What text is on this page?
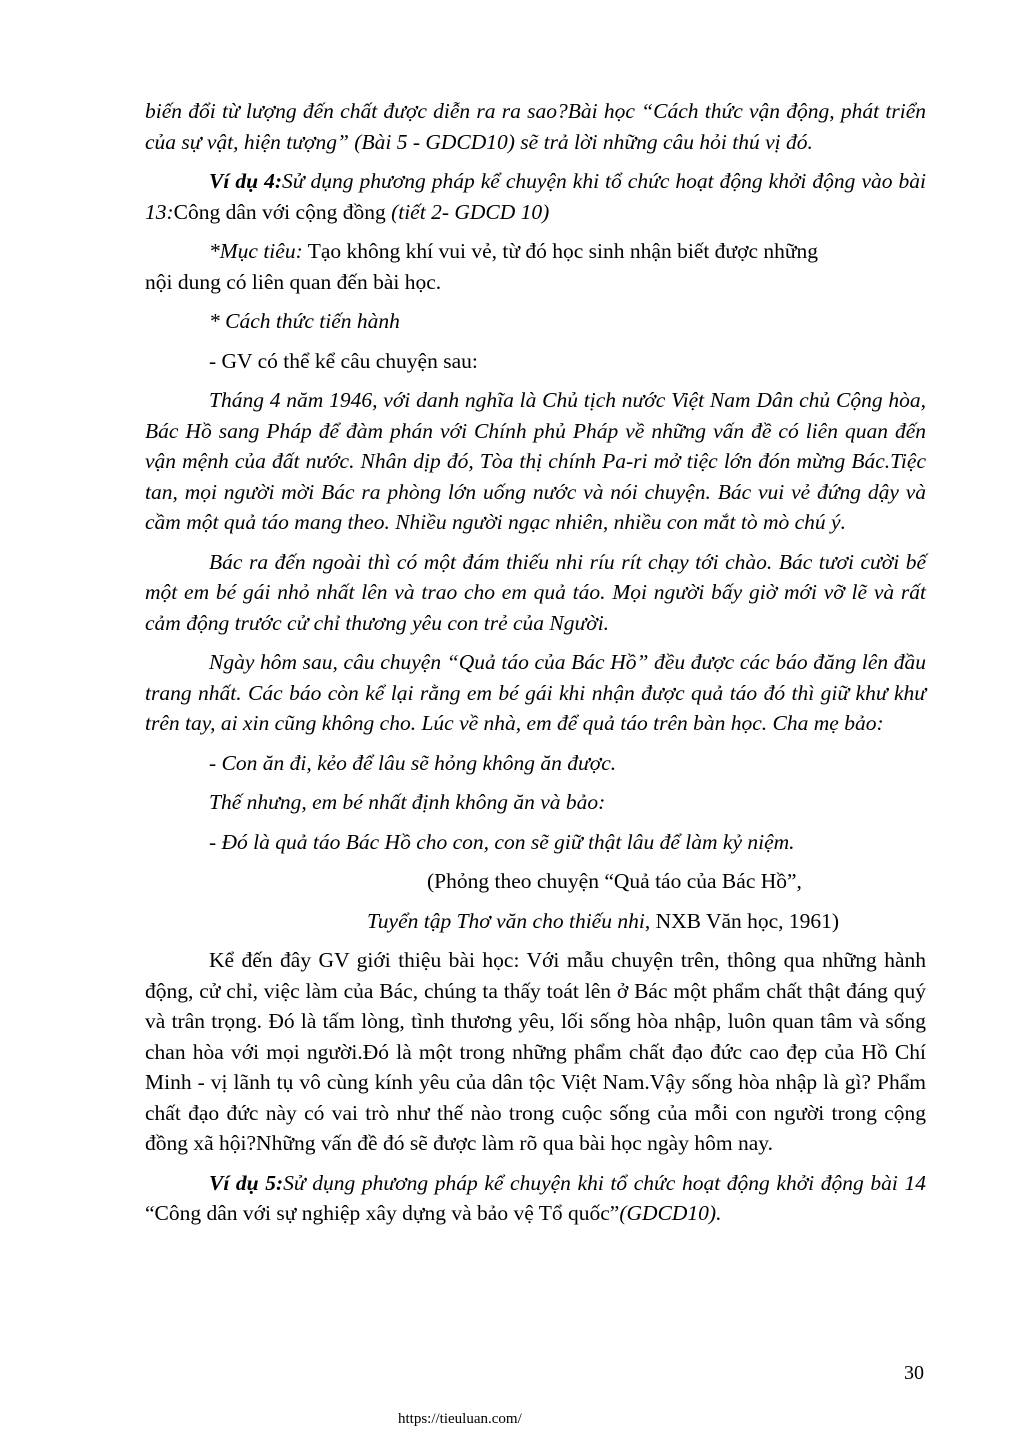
biến đổi từ lượng đến chất được diễn ra ra sao?Bài học “Cách thức vận động, phát triển của sự vật, hiện tượng” (Bài 5 - GDCD10) sẽ trả lời những câu hỏi thú vị đó.

Ví dụ 4:Sử dụng phương pháp kể chuyện khi tổ chức hoạt động khởi động vào bài 13:Công dân với cộng đồng (tiết 2- GDCD 10)

*Mục tiêu: Tạo không khí vui vẻ, từ đó học sinh nhận biết được những
nội dung có liên quan đến bài học.

* Cách thức tiến hành

- GV có thể kể câu chuyện sau:

Tháng 4 năm 1946, với danh nghĩa là Chủ tịch nước Việt Nam Dân chủ Cộng hòa, Bác Hồ sang Pháp để đàm phán với Chính phủ Pháp về những vấn đề có liên quan đến vận mệnh của đất nước. Nhân dịp đó, Tòa thị chính Pa-ri mở tiệc lớn đón mừng Bác.Tiệc tan, mọi người mời Bác ra phòng lớn uống nước và nói chuyện. Bác vui vẻ đứng dậy và cầm một quả táo mang theo. Nhiều người ngạc nhiên, nhiều con mắt tò mò chú ý.

Bác ra đến ngoài thì có một đám thiếu nhi ríu rít chạy tới chào. Bác tươi cười bế một em bé gái nhỏ nhất lên và trao cho em quả táo. Mọi người bấy giờ mới vỡ lẽ và rất cảm động trước cử chỉ thương yêu con trẻ của Người.

Ngày hôm sau, câu chuyện “Quả táo của Bác Hồ” đều được các báo đăng lên đầu trang nhất. Các báo còn kể lại rằng em bé gái khi nhận được quả táo đó thì giữ khư khư trên tay, ai xin cũng không cho. Lúc về nhà, em để quả táo trên bàn học. Cha mẹ bảo:

- Con ăn đi, kẻo để lâu sẽ hỏng không ăn được.

Thế nhưng, em bé nhất định không ăn và bảo:

- Đó là quả táo Bác Hồ cho con, con sẽ giữ thật lâu để làm kỷ niệm.

(Phỏng theo chuyện “Quả táo của Bác Hồ”,

Tuyển tập Thơ văn cho thiếu nhi, NXB Văn học, 1961)

Kể đến đây GV giới thiệu bài học: Với mẫu chuyện trên, thông qua những hành động, cử chỉ, việc làm của Bác, chúng ta thấy toát lên ở Bác một phẩm chất thật đáng quý và trân trọng. Đó là tấm lòng, tình thương yêu, lối sống hòa nhập, luôn quan tâm và sống chan hòa với mọi người.Đó là một trong những phẩm chất đạo đức cao đẹp của Hồ Chí Minh - vị lãnh tụ vô cùng kính yêu của dân tộc Việt Nam.Vậy sống hòa nhập là gì? Phẩm chất đạo đức này có vai trò như thế nào trong cuộc sống của mỗi con người trong cộng đồng xã hội?Những vấn đề đó sẽ được làm rõ qua bài học ngày hôm nay.

Ví dụ 5:Sử dụng phương pháp kể chuyện khi tổ chức hoạt động khởi động bài 14 “Công dân với sự nghiệp xây dựng và bảo vệ Tổ quốc”(GDCD10).

30
https://tieuluan.com/
